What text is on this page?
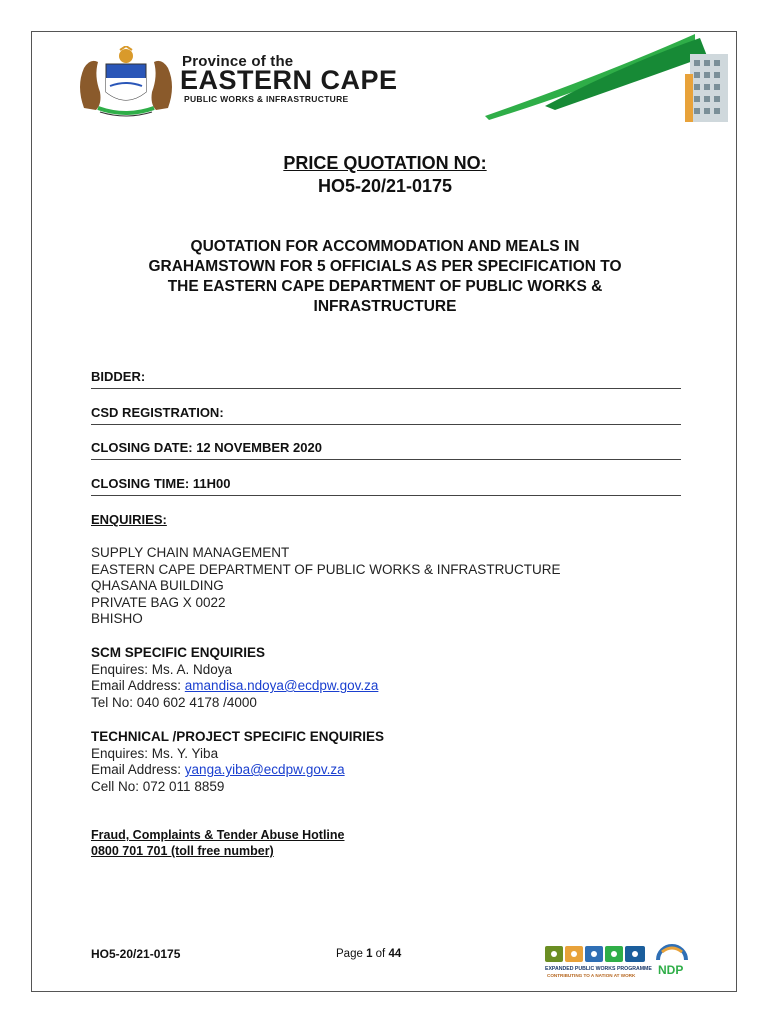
Province of the
EASTERN CAPE
PUBLIC WORKS & INFRASTRUCTURE
PRICE QUOTATION NO:
HO5-20/21-0175
QUOTATION FOR ACCOMMODATION AND MEALS IN
GRAHAMSTOWN FOR 5 OFFICIALS AS PER SPECIFICATION TO
THE EASTERN CAPE DEPARTMENT OF PUBLIC WORKS &
INFRASTRUCTURE
BIDDER:
CSD REGISTRATION:
CLOSING DATE: 12 NOVEMBER 2020
CLOSING TIME: 11H00
ENQUIRIES:
SUPPLY CHAIN MANAGEMENT
EASTERN CAPE DEPARTMENT OF PUBLIC WORKS & INFRASTRUCTURE
QHASANA BUILDING
PRIVATE BAG X 0022
BHISHO
SCM SPECIFIC ENQUIRIES
Enquires: Ms. A. Ndoya
Email Address: amandisa.ndoya@ecdpw.gov.za
Tel No: 040 602 4178 /4000
TECHNICAL /PROJECT SPECIFIC ENQUIRIES
Enquires: Ms. Y. Yiba
Email Address: yanga.yiba@ecdpw.gov.za
Cell No: 072 011 8859
Fraud, Complaints & Tender Abuse Hotline
0800 701 701 (toll free number)
HO5-20/21-0175	Page 1 of 44
EXPANDED PUBLIC WORKS PROGRAMME
CONTRIBUTING TO A NATION AT WORK NDP
